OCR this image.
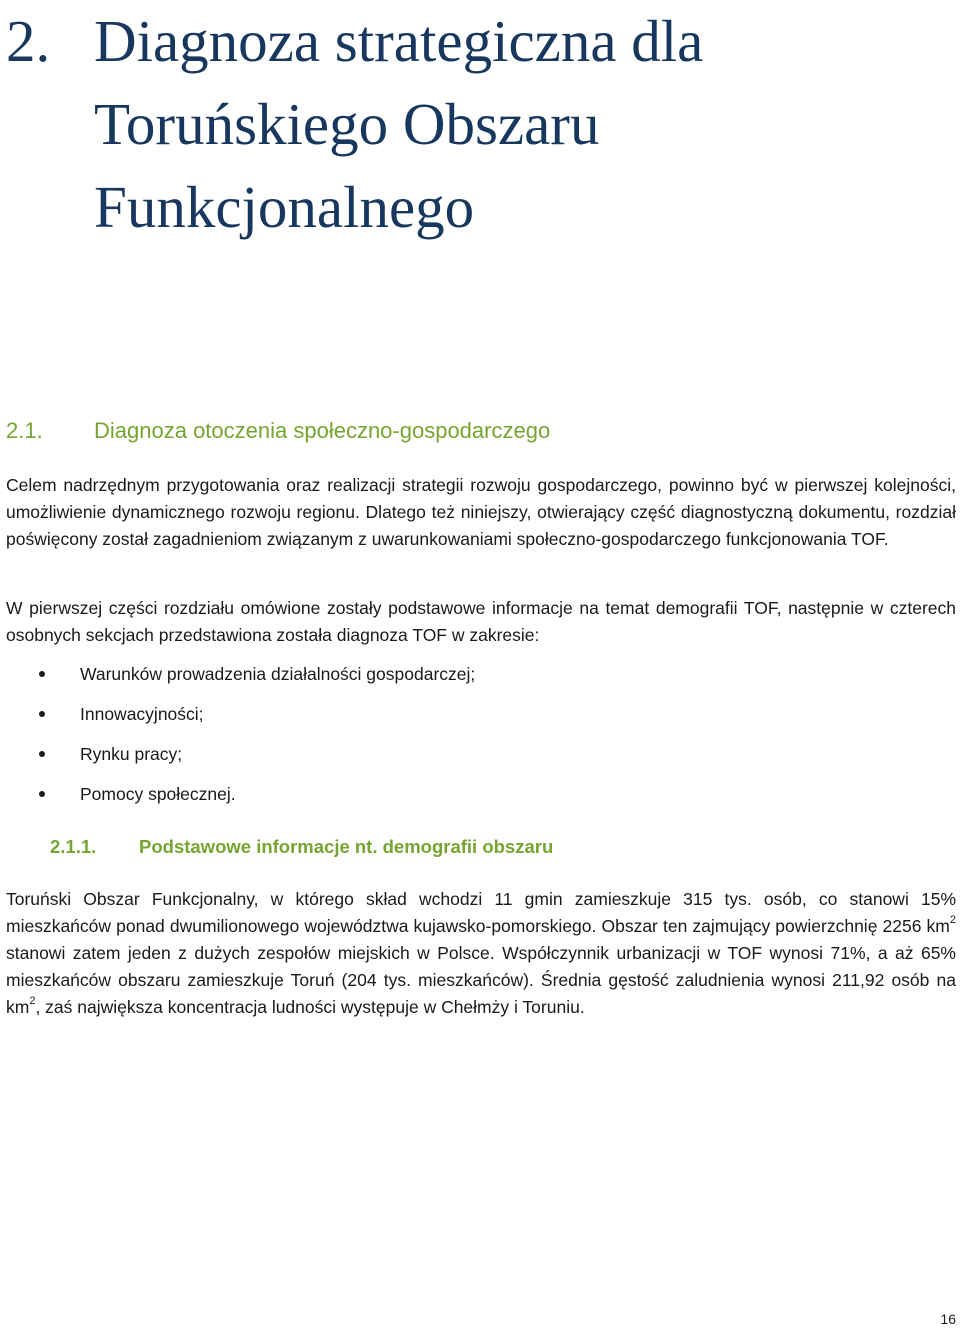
2. Diagnoza strategiczna dla Toruńskiego Obszaru Funkcjonalnego
2.1. Diagnoza otoczenia społeczno-gospodarczego

Celem nadrzędnym przygotowania oraz realizacji strategii rozwoju gospodarczego, powinno być w pierwszej kolejności, umożliwienie dynamicznego rozwoju regionu. Dlatego też niniejszy, otwierający część diagnostyczną dokumentu, rozdział poświęcony został zagadnieniom związanym z uwarunkowaniami społeczno-gospodarczego funkcjonowania TOF.

W pierwszej części rozdziału omówione zostały podstawowe informacje na temat demografii TOF, następnie w czterech osobnych sekcjach przedstawiona została diagnoza TOF w zakresie:

Warunków prowadzenia działalności gospodarczej;
Innowacyjności;
Rynku pracy;
Pomocy społecznej.
2.1.1. Podstawowe informacje nt. demografii obszaru

Toruński Obszar Funkcjonalny, w którego skład wchodzi 11 gmin zamieszkuje 315 tys. osób, co stanowi 15% mieszkańców ponad dwumilionowego województwa kujawsko-pomorskiego. Obszar ten zajmujący powierzchnię 2256 $km^2$ stanowi zatem jeden z dużych zespołów miejskich w Polsce. Współczynnik urbanizacji w TOF wynosi 71%, a aż 65% mieszkańców obszaru zamieszkuje Toruń (204 tys. mieszkańców). Średnia gęstość zaludnienia wynosi 211,92 osób na $km^2$, zaś największa koncentracja ludności występuje w Chełmży i Toruniu.

16
